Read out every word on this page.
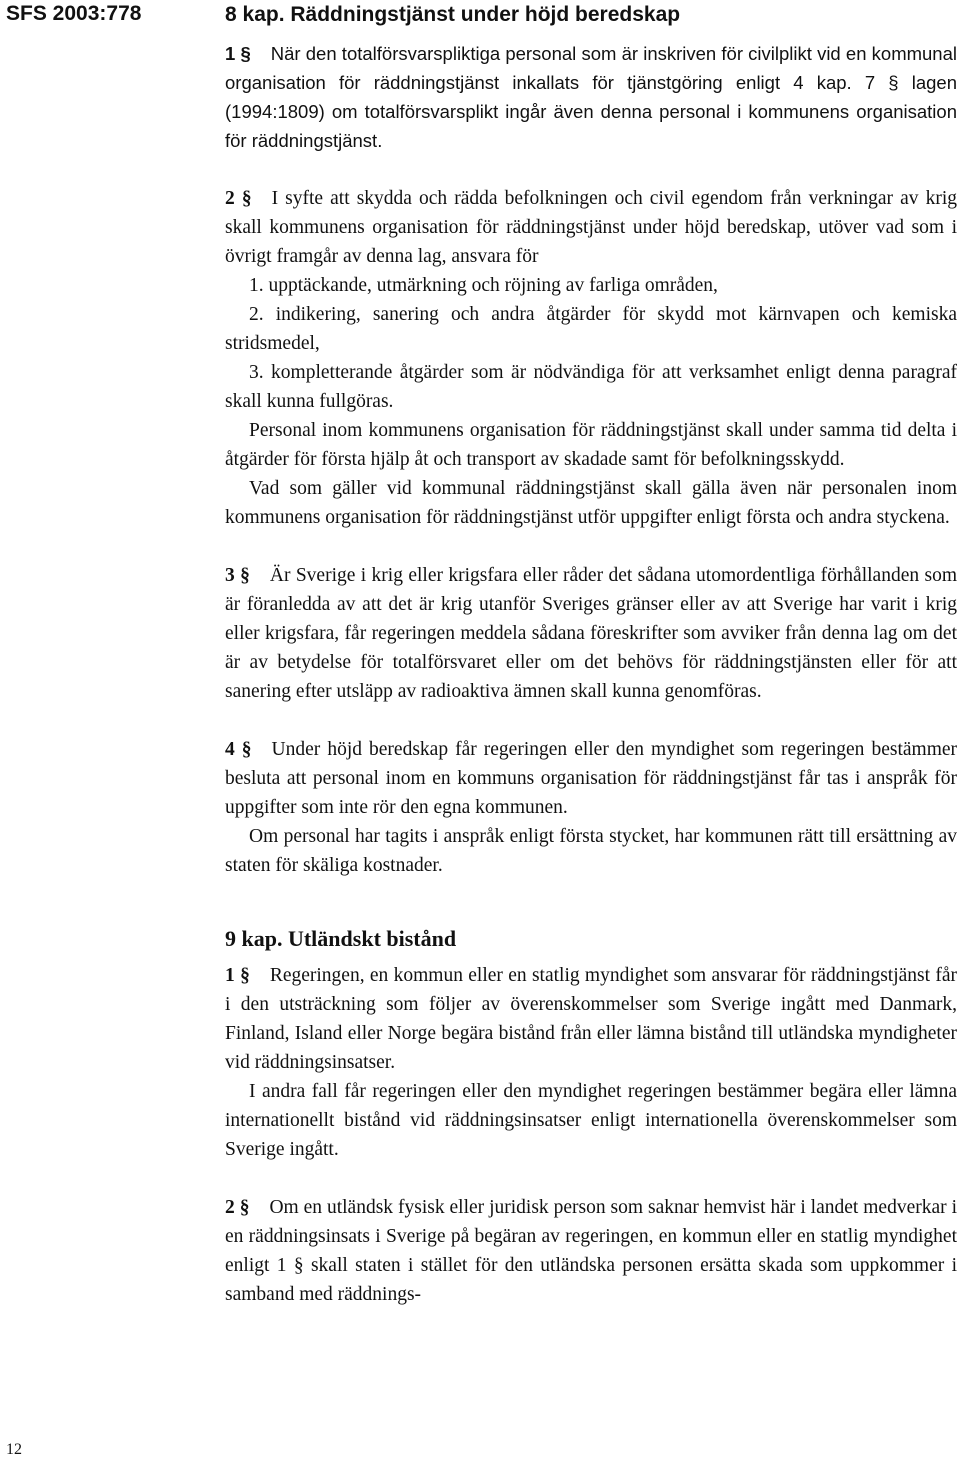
SFS 2003:778
12
8 kap. Räddningstjänst under höjd beredskap

1 § När den totalförsvarspliktiga personal som är inskriven för civilplikt vid en kommunal organisation för räddningstjänst inkallats för tjänstgöring enligt 4 kap. 7 § lagen (1994:1809) om totalförsvarsplikt ingår även denna personal i kommunens organisation för räddningstjänst.

2 § I syfte att skydda och rädda befolkningen och civil egendom från verkningar av krig skall kommunens organisation för räddningstjänst under höjd beredskap, utöver vad som i övrigt framgår av denna lag, ansvara för

1. upptäckande, utmärkning och röjning av farliga områden,

2. indikering, sanering och andra åtgärder för skydd mot kärnvapen och kemiska stridsmedel,

3. kompletterande åtgärder som är nödvändiga för att verksamhet enligt denna paragraf skall kunna fullgöras.

Personal inom kommunens organisation för räddningstjänst skall under samma tid delta i åtgärder för första hjälp åt och transport av skadade samt för befolkningsskydd.

Vad som gäller vid kommunal räddningstjänst skall gälla även när personalen inom kommunens organisation för räddningstjänst utför uppgifter enligt första och andra styckena.

3 § Är Sverige i krig eller krigsfara eller råder det sådana utomordentliga förhållanden som är föranledda av att det är krig utanför Sveriges gränser eller av att Sverige har varit i krig eller krigsfara, får regeringen meddela sådana föreskrifter som avviker från denna lag om det är av betydelse för totalförsvaret eller om det behövs för räddningstjänsten eller för att sanering efter utsläpp av radioaktiva ämnen skall kunna genomföras.

4 § Under höjd beredskap får regeringen eller den myndighet som regeringen bestämmer besluta att personal inom en kommuns organisation för räddningstjänst får tas i anspråk för uppgifter som inte rör den egna kommunen.

Om personal har tagits i anspråk enligt första stycket, har kommunen rätt till ersättning av staten för skäliga kostnader.

9 kap. Utländskt bistånd

1 § Regeringen, en kommun eller en statlig myndighet som ansvarar för räddningstjänst får i den utsträckning som följer av överenskommelser som Sverige ingått med Danmark, Finland, Island eller Norge begära bistånd från eller lämna bistånd till utländska myndigheter vid räddningsinsatser.

I andra fall får regeringen eller den myndighet regeringen bestämmer begära eller lämna internationellt bistånd vid räddningsinsatser enligt internationella överenskommelser som Sverige ingått.

2 § Om en utländsk fysisk eller juridisk person som saknar hemvist här i landet medverkar i en räddningsinsats i Sverige på begäran av regeringen, en kommun eller en statlig myndighet enligt 1 § skall staten i stället för den utländska personen ersätta skada som uppkommer i samband med räddnings-
